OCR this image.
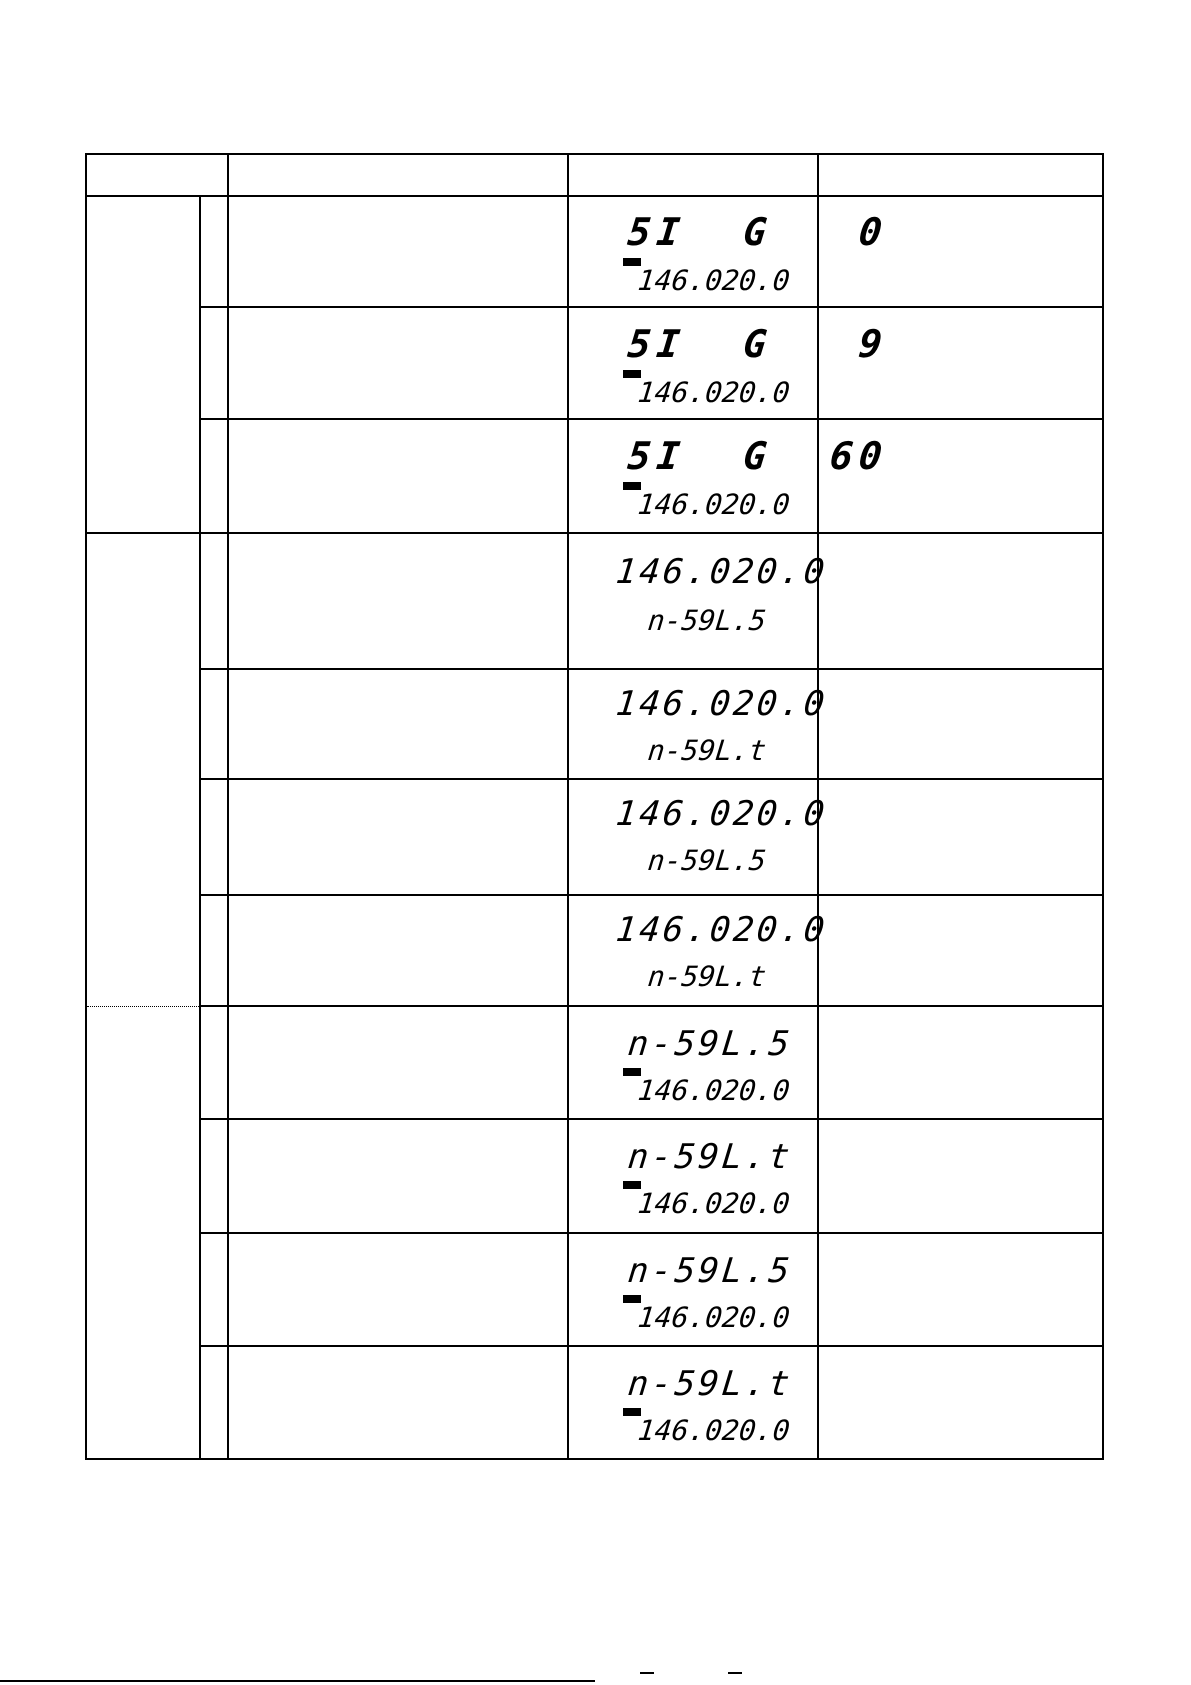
5I  G   0
146.020.0
5I  G   9
146.020.0
5I  G  60
146.020.0
146.020.0
n-59L.5
146.020.0
n-59L.t
146.020.0
n-59L.5
146.020.0
n-59L.t
n-59L.5
146.020.0
n-59L.t
146.020.0
n-59L.5
146.020.0
n-59L.t
146.020.0
